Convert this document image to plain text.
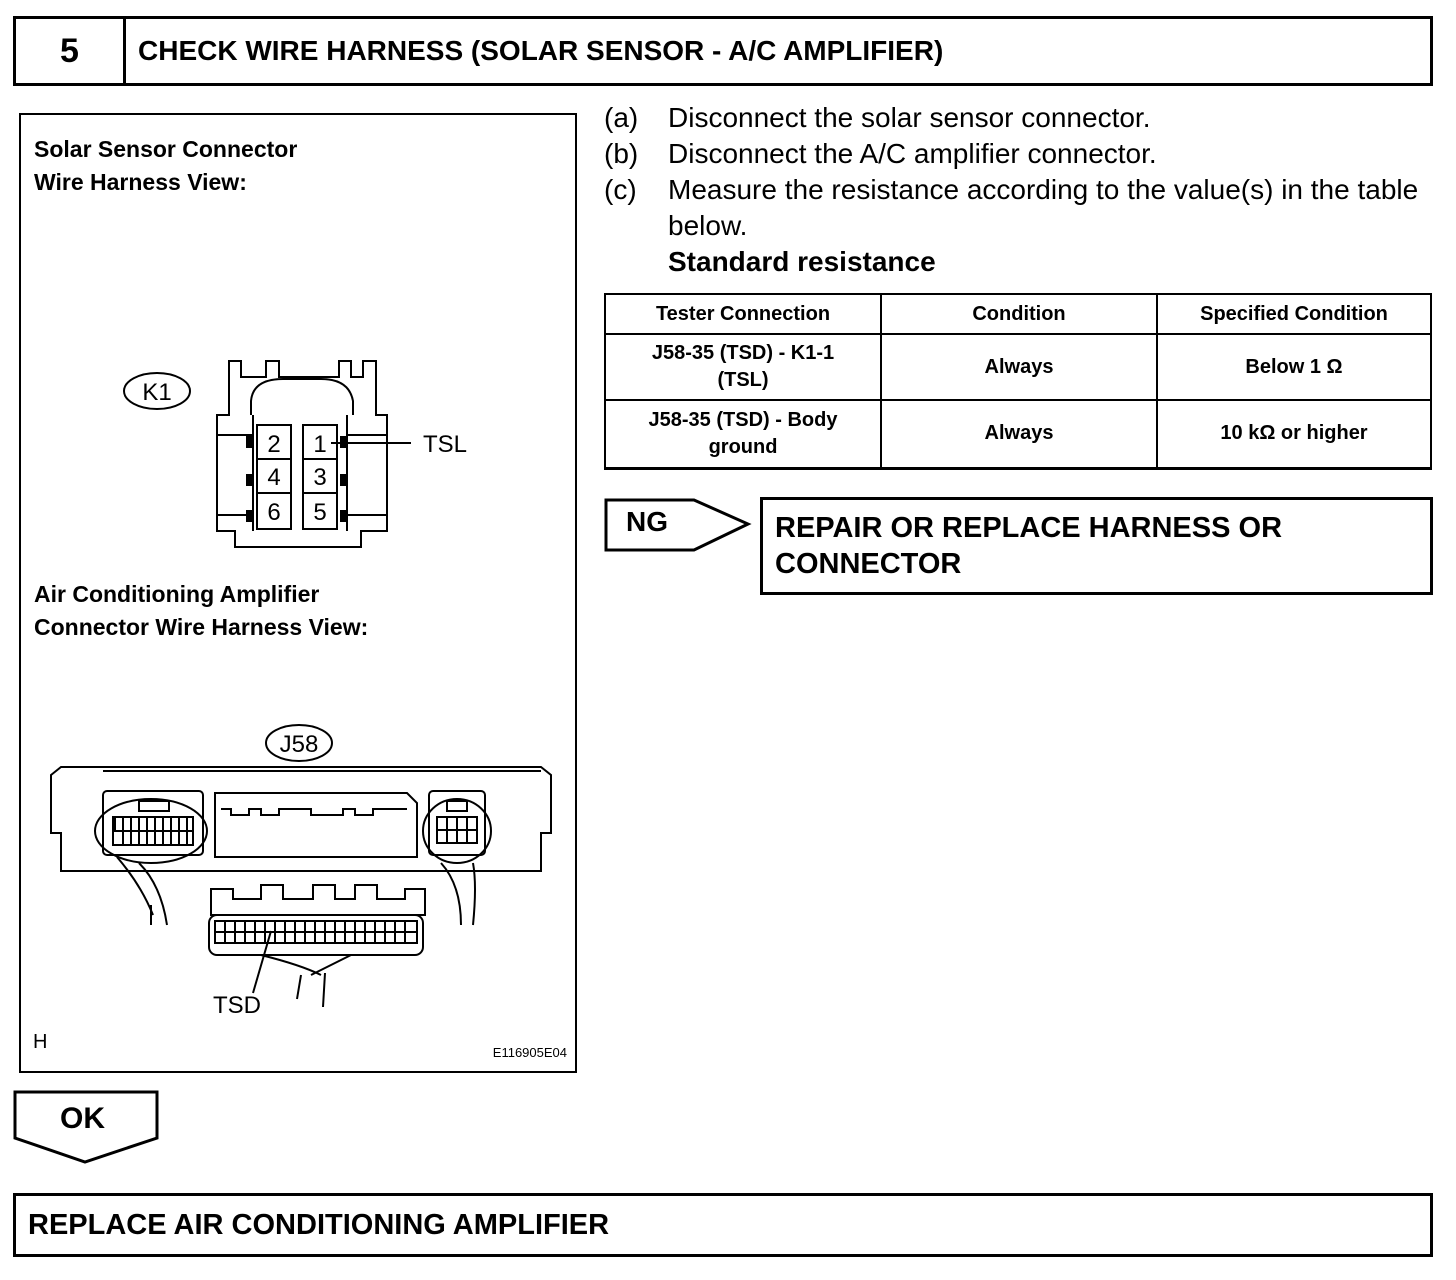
5	CHECK WIRE HARNESS (SOLAR SENSOR - A/C AMPLIFIER)
Solar Sensor Connector
Wire Harness View:
K1
2 1
4 3
6 5
TSL
J58
TSD
Air Conditioning Amplifier
Connector Wire Harness View:
H	E116905E04
(a)	Disconnect the solar sensor connector.
(b)	Disconnect the A/C amplifier connector.
(c)	Measure the resistance according to the value(s) in the table below.
Standard resistance
Tester Connection	Condition	Specified Condition
J58-35 (TSD) - K1-1 (TSL)	Always	Below 1 Ω
J58-35 (TSD) - Body ground	Always	10 kΩ or higher
NG	REPAIR OR REPLACE HARNESS OR
CONNECTOR
OK
REPLACE AIR CONDITIONING AMPLIFIER
